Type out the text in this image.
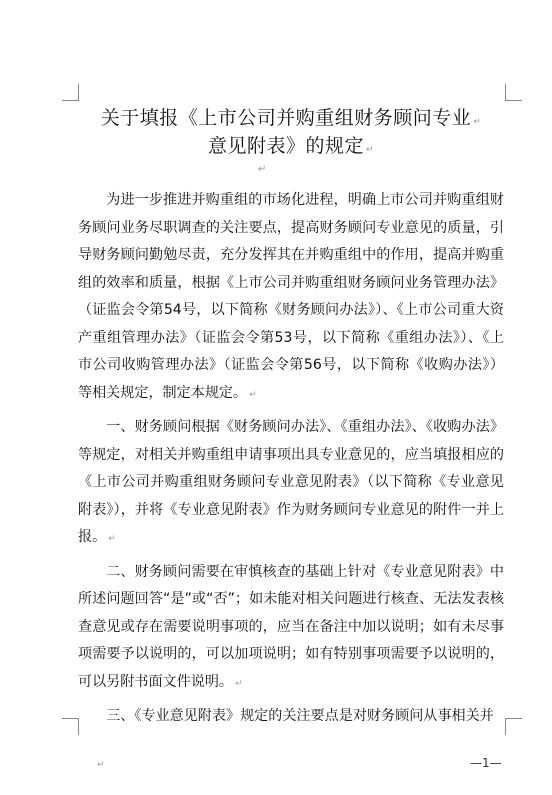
关于填报《上市公司并购重组财务顾问专业 ↵
意见附表》的规定 ↵
↵

为进一步推进并购重组的市场化进程，明确上市公司并购重组财务顾问业务尽职调查的关注要点，提高财务顾问专业意见的质量，引导财务顾问勤勉尽责，充分发挥其在并购重组中的作用，提高并购重组的效率和质量，根据《上市公司并购重组财务顾问业务管理办法》（证监会令第54号，以下简称《财务顾问办法》）、《上市公司重大资产重组管理办法》（证监会令第53号，以下简称《重组办法》）、《上市公司收购管理办法》（证监会令第56号，以下简称《收购办法》）等相关规定，制定本规定。 ↵

一、财务顾问根据《财务顾问办法》、《重组办法》、《收购办法》等规定，对相关并购重组申请事项出具专业意见的，应当填报相应的《上市公司并购重组财务顾问专业意见附表》（以下简称《专业意见附表》），并将《专业意见附表》作为财务顾问专业意见的附件一并上报。 ↵

二、财务顾问需要在审慎核查的基础上针对《专业意见附表》中所述问题回答“是”或“否”；如未能对相关问题进行核查、无法发表核查意见或存在需要说明事项的，应当在备注中加以说明；如有未尽事项需要予以说明的，可以加项说明；如有特别事项需要予以说明的，可以另附书面文件说明。 ↵

三、《专业意见附表》规定的关注要点是对财务顾问从事相关并

↵	—1—
